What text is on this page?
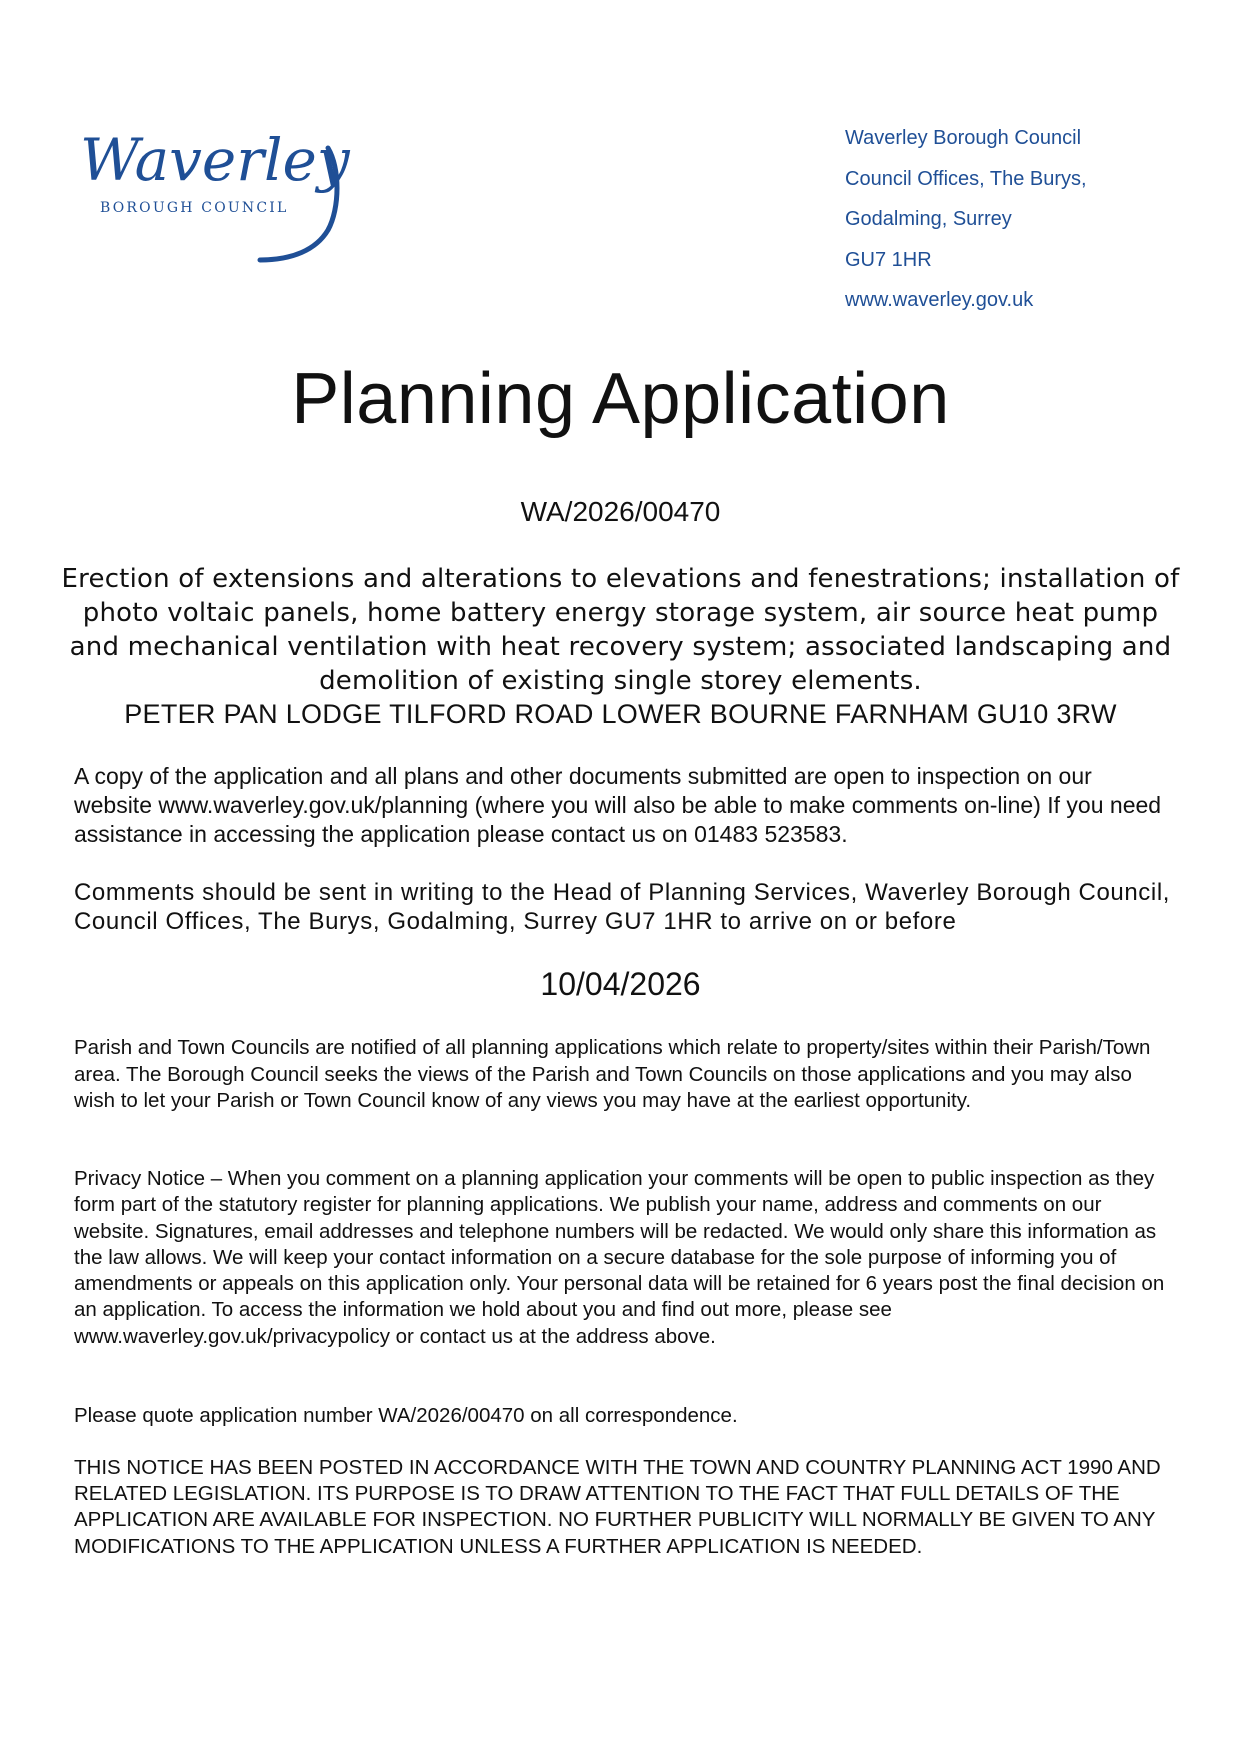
Waverley
BOROUGH COUNCIL
Waverley Borough Council
Council Offices, The Burys,
Godalming, Surrey
GU7 1HR
www.waverley.gov.uk
Planning Application
WA/2026/00470
Erection of extensions and alterations to elevations and fenestrations; installation of photo voltaic panels, home battery energy storage system, air source heat pump and mechanical ventilation with heat recovery system; associated landscaping and demolition of existing single storey elements.
PETER PAN LODGE TILFORD ROAD LOWER BOURNE FARNHAM GU10 3RW

A copy of the application and all plans and other documents submitted are open to inspection on our website www.waverley.gov.uk/planning (where you will also be able to make comments on-line) If you need assistance in accessing the application please contact us on 01483 523583.

Comments should be sent in writing to the Head of Planning Services, Waverley Borough Council, Council Offices, The Burys, Godalming, Surrey GU7 1HR to arrive on or before

10/04/2026

Parish and Town Councils are notified of all planning applications which relate to property/sites within their Parish/Town area. The Borough Council seeks the views of the Parish and Town Councils on those applications and you may also wish to let your Parish or Town Council know of any views you may have at the earliest opportunity.

Privacy Notice – When you comment on a planning application your comments will be open to public inspection as they form part of the statutory register for planning applications. We publish your name, address and comments on our website. Signatures, email addresses and telephone numbers will be redacted. We would only share this information as the law allows. We will keep your contact information on a secure database for the sole purpose of informing you of amendments or appeals on this application only. Your personal data will be retained for 6 years post the final decision on an application. To access the information we hold about you and find out more, please see www.waverley.gov.uk/privacypolicy or contact us at the address above.

Please quote application number WA/2026/00470 on all correspondence.

THIS NOTICE HAS BEEN POSTED IN ACCORDANCE WITH THE TOWN AND COUNTRY PLANNING ACT 1990 AND RELATED LEGISLATION. ITS PURPOSE IS TO DRAW ATTENTION TO THE FACT THAT FULL DETAILS OF THE APPLICATION ARE AVAILABLE FOR INSPECTION. NO FURTHER PUBLICITY WILL NORMALLY BE GIVEN TO ANY MODIFICATIONS TO THE APPLICATION UNLESS A FURTHER APPLICATION IS NEEDED.
